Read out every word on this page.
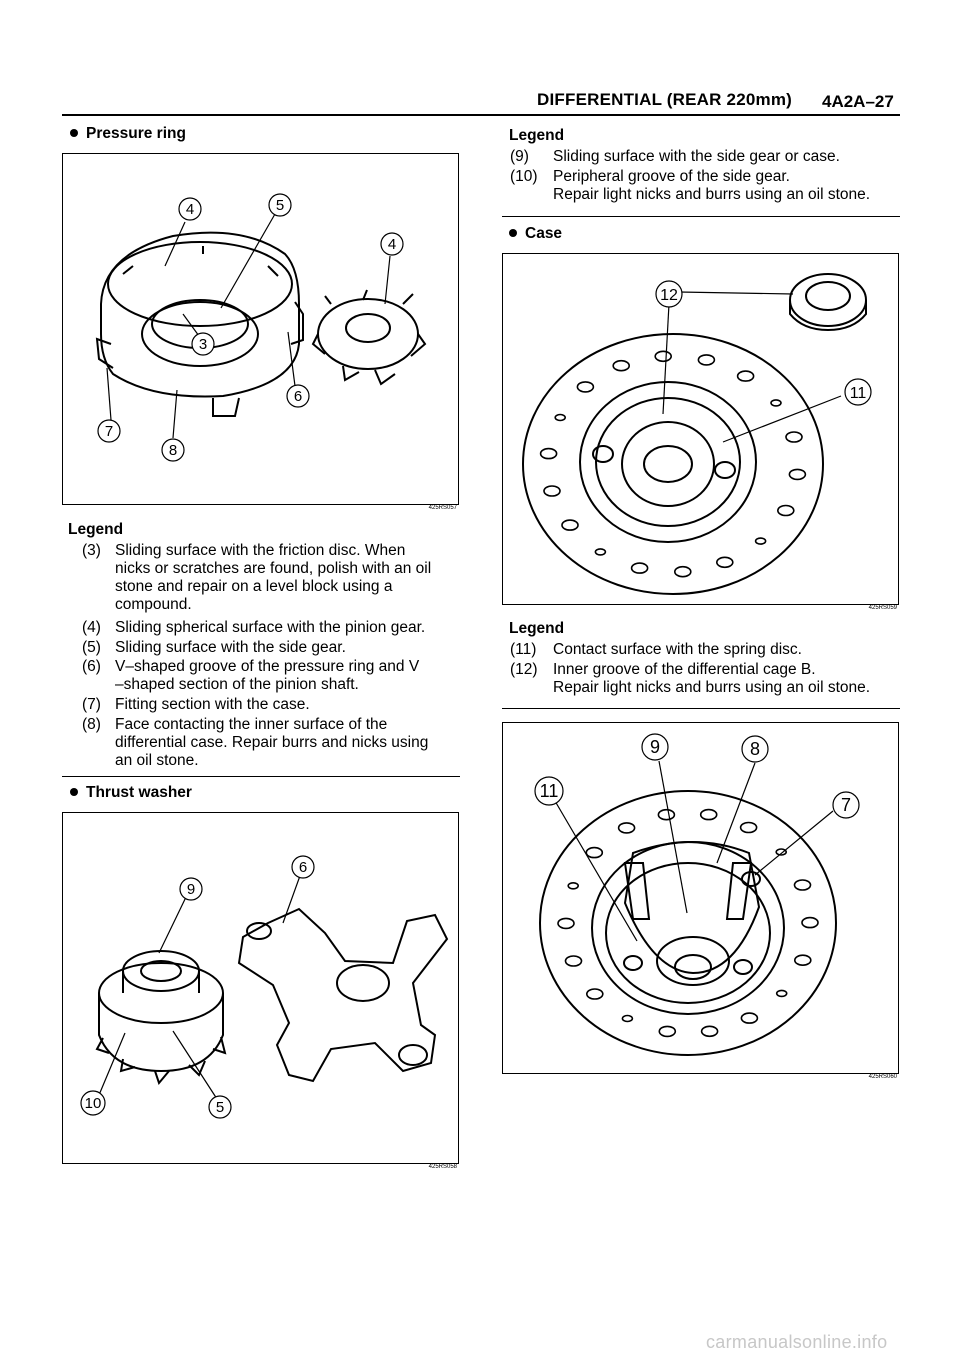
DIFFERENTIAL (REAR 220mm) 4A2A–27
Pressure ring
4	5
4
3
6
7
8
425RS057
Legend
(3) Sliding surface with the friction disc. When
nicks or scratches are found, polish with an oil
stone and repair on a level block using a
compound.
(4) Sliding spherical surface with the pinion gear.
(5) Sliding surface with the side gear.
(6) V–shaped groove of the pressure ring and V
–shaped section of the pinion shaft.
(7) Fitting section with the case.
(8) Face contacting the inner surface of the
differential case. Repair burrs and nicks using
an oil stone.
Thrust washer
6
9
10	5
425RS058
Legend
(9) Sliding surface with the side gear or case.
(10) Peripheral groove of the side gear.
Repair light nicks and burrs using an oil stone.
Case
12
11
425RS059
Legend
(11) Contact surface with the spring disc.
(12) Inner groove of the differential cage B.
Repair light nicks and burrs using an oil stone.
9	8
11
7
425RS060
carmanualsonline.info
